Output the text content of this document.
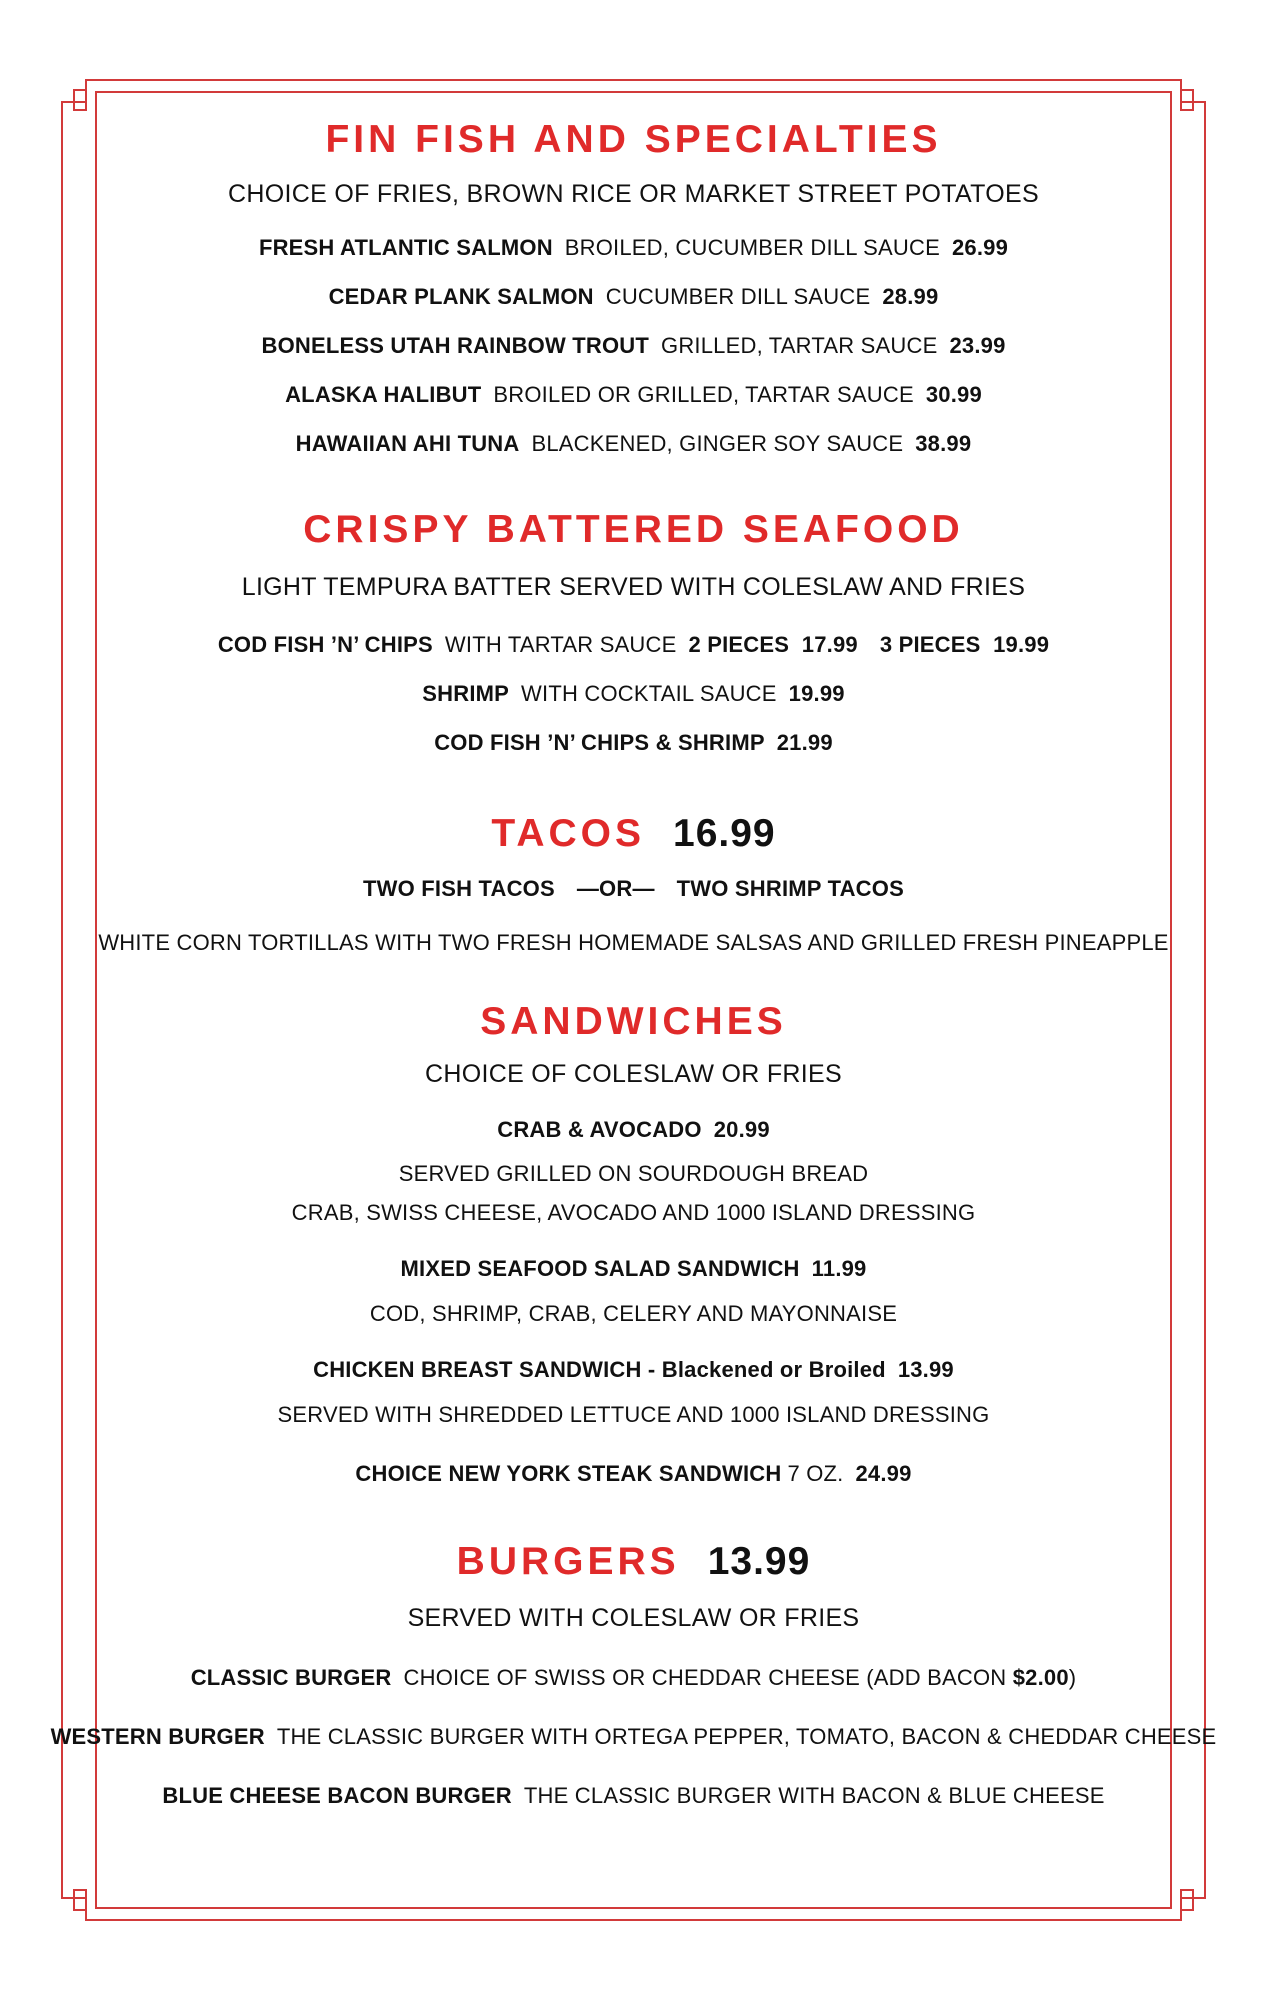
FIN FISH AND SPECIALTIES
CHOICE OF FRIES, BROWN RICE OR MARKET STREET POTATOES
FRESH ATLANTIC SALMON BROILED, CUCUMBER DILL SAUCE 26.99
CEDAR PLANK SALMON CUCUMBER DILL SAUCE 28.99
BONELESS UTAH RAINBOW TROUT GRILLED, TARTAR SAUCE 23.99
ALASKA HALIBUT BROILED OR GRILLED, TARTAR SAUCE 30.99
HAWAIIAN AHI TUNA BLACKENED, GINGER SOY SAUCE 38.99
CRISPY BATTERED SEAFOOD
LIGHT TEMPURA BATTER SERVED WITH COLESLAW AND FRIES
COD FISH ’N’ CHIPS WITH TARTAR SAUCE 2 PIECES  17.99 3 PIECES  19.99
SHRIMP WITH COCKTAIL SAUCE 19.99
COD FISH ’N’ CHIPS & SHRIMP 21.99
TACOS 16.99
TWO FISH TACOS —OR— TWO SHRIMP TACOS
WHITE CORN TORTILLAS WITH TWO FRESH HOMEMADE SALSAS AND GRILLED FRESH PINEAPPLE
SANDWICHES
CHOICE OF COLESLAW OR FRIES
CRAB & AVOCADO 20.99
SERVED GRILLED ON SOURDOUGH BREAD
CRAB, SWISS CHEESE, AVOCADO AND 1000 ISLAND DRESSING
MIXED SEAFOOD SALAD SANDWICH 11.99
COD, SHRIMP, CRAB, CELERY AND MAYONNAISE
CHICKEN BREAST SANDWICH - Blackened or Broiled 13.99
SERVED WITH SHREDDED LETTUCE AND 1000 ISLAND DRESSING
CHOICE NEW YORK STEAK SANDWICH 7 OZ. 24.99
BURGERS 13.99
SERVED WITH COLESLAW OR FRIES
CLASSIC BURGER CHOICE OF SWISS OR CHEDDAR CHEESE (ADD BACON $2.00)
WESTERN BURGER THE CLASSIC BURGER WITH ORTEGA PEPPER, TOMATO, BACON & CHEDDAR CHEESE
BLUE CHEESE BACON BURGER THE CLASSIC BURGER WITH BACON & BLUE CHEESE
